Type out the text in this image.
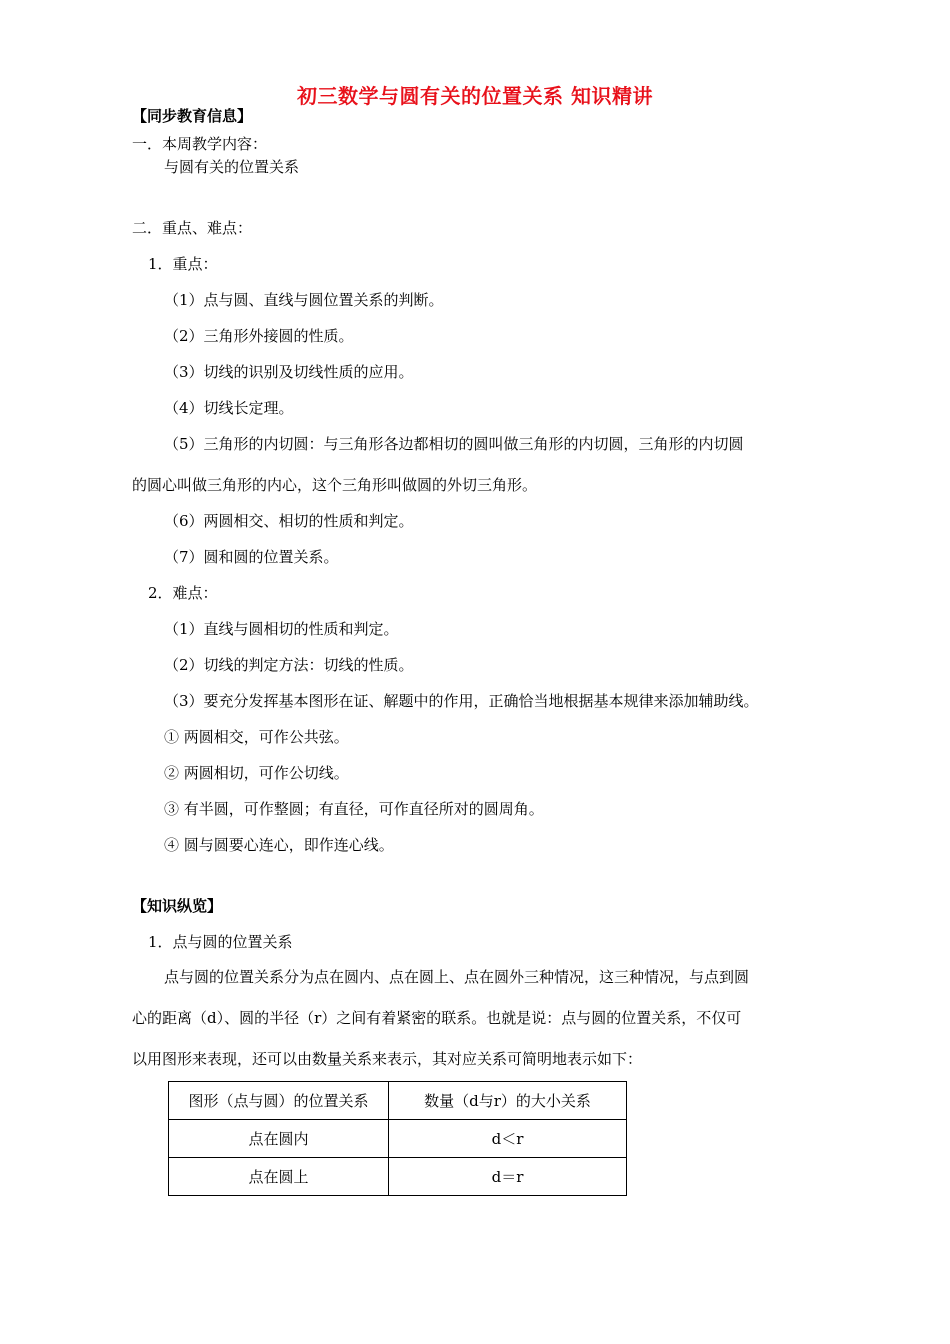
初三数学与圆有关的位置关系 知识精讲
【同步教育信息】
一．本周教学内容：
与圆有关的位置关系
二．重点、难点：
1．重点：
（1）点与圆、直线与圆位置关系的判断。
（2）三角形外接圆的性质。
（3）切线的识别及切线性质的应用。
（4）切线长定理。
（5）三角形的内切圆：与三角形各边都相切的圆叫做三角形的内切圆，三角形的内切圆
的圆心叫做三角形的内心，这个三角形叫做圆的外切三角形。
（6）两圆相交、相切的性质和判定。
（7）圆和圆的位置关系。
2．难点：
（1）直线与圆相切的性质和判定。
（2）切线的判定方法：切线的性质。
（3）要充分发挥基本图形在证、解题中的作用，正确恰当地根据基本规律来添加辅助线。
① 两圆相交，可作公共弦。
② 两圆相切，可作公切线。
③ 有半圆，可作整圆；有直径，可作直径所对的圆周角。
④ 圆与圆要心连心，即作连心线。
【知识纵览】
1．点与圆的位置关系
点与圆的位置关系分为点在圆内、点在圆上、点在圆外三种情况，这三种情况，与点到圆
心的距离（d）、圆的半径（r）之间有着紧密的联系。也就是说：点与圆的位置关系，不仅可
以用图形来表现，还可以由数量关系来表示，其对应关系可简明地表示如下：
图形（点与圆）的位置关系	数量（d与r）的大小关系
点在圆内	d＜r
点在圆上	d＝r
